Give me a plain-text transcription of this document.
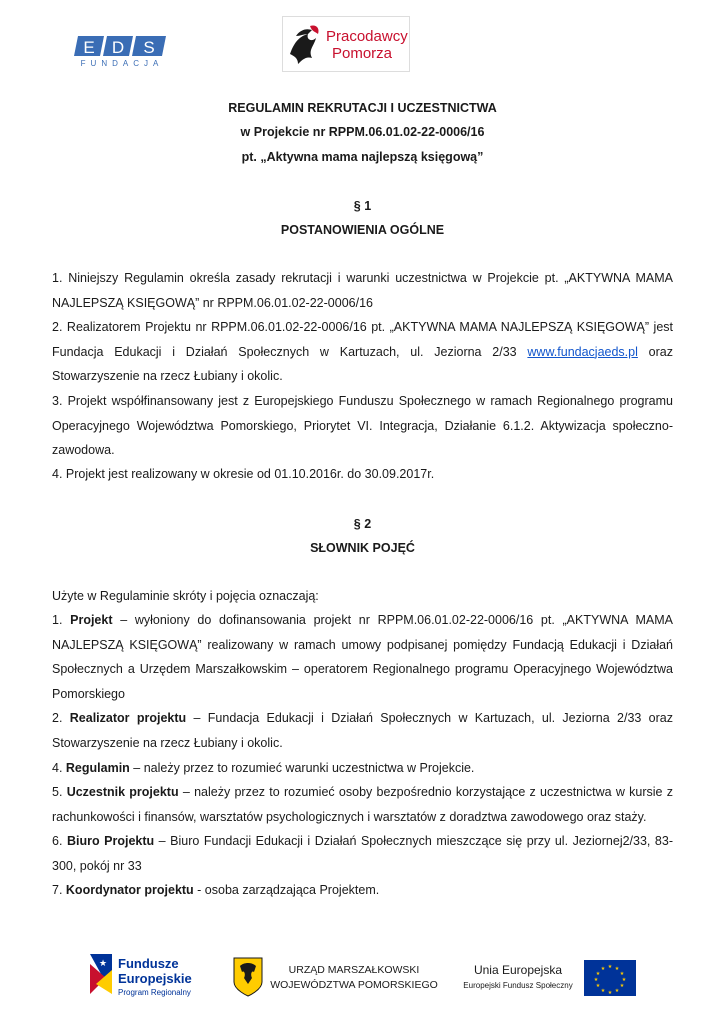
E D S
FUNDACJA
Pracodawcy
Pomorza
REGULAMIN REKRUTACJI I UCZESTNICTWA
w Projekcie nr RPPM.06.01.02-22-0006/16
pt. „Aktywna mama najlepszą księgową”
§ 1
POSTANOWIENIA OGÓLNE

1. Niniejszy Regulamin określa zasady rekrutacji i warunki uczestnictwa w Projekcie pt. „AKTYWNA MAMA NAJLEPSZĄ KSIĘGOWĄ” nr RPPM.06.01.02-22-0006/16

2. Realizatorem Projektu nr RPPM.06.01.02-22-0006/16 pt. „AKTYWNA MAMA NAJLEPSZĄ KSIĘGOWĄ” jest Fundacja Edukacji i Działań Społecznych w Kartuzach, ul. Jeziorna 2/33 www.fundacjaeds.pl oraz Stowarzyszenie na rzecz Łubiany i okolic.

3. Projekt współfinansowany jest z Europejskiego Funduszu Społecznego w ramach Regionalnego programu Operacyjnego Województwa Pomorskiego, Priorytet VI. Integracja, Działanie 6.1.2. Aktywizacja społeczno-zawodowa.

4. Projekt jest realizowany w okresie od 01.10.2016r. do 30.09.2017r.

§ 2
SŁOWNIK POJĘĆ

Użyte w Regulaminie skróty i pojęcia oznaczają:

1. Projekt – wyłoniony do dofinansowania projekt nr RPPM.06.01.02-22-0006/16 pt. „AKTYWNA MAMA NAJLEPSZĄ KSIĘGOWĄ” realizowany w ramach umowy podpisanej pomiędzy Fundacją Edukacji i Działań Społecznych a Urzędem Marszałkowskim – operatorem Regionalnego programu Operacyjnego Województwa Pomorskiego

2. Realizator projektu – Fundacja Edukacji i Działań Społecznych w Kartuzach, ul. Jeziorna 2/33 oraz Stowarzyszenie na rzecz Łubiany i okolic.

4. Regulamin – należy przez to rozumieć warunki uczestnictwa w Projekcie.

5. Uczestnik projektu – należy przez to rozumieć osoby bezpośrednio korzystające z uczestnictwa w kursie z rachunkowości i finansów, warsztatów psychologicznych i warsztatów z doradztwa zawodowego oraz staży.

6. Biuro Projektu – Biuro Fundacji Edukacji i Działań Społecznych mieszczące się przy ul. Jeziornej2/33, 83-300, pokój nr 33

7. Koordynator projektu - osoba zarządzająca Projektem.

★ Fundusze
Europejskie
Program Regionalny
URZĄD MARSZAŁKOWSKI
WOJEWÓDZTWA POMORSKIEGO
Unia Europejska
Europejski Fundusz Społeczny
★ ★
★
★
★
★
★
★
★
★
★
★
